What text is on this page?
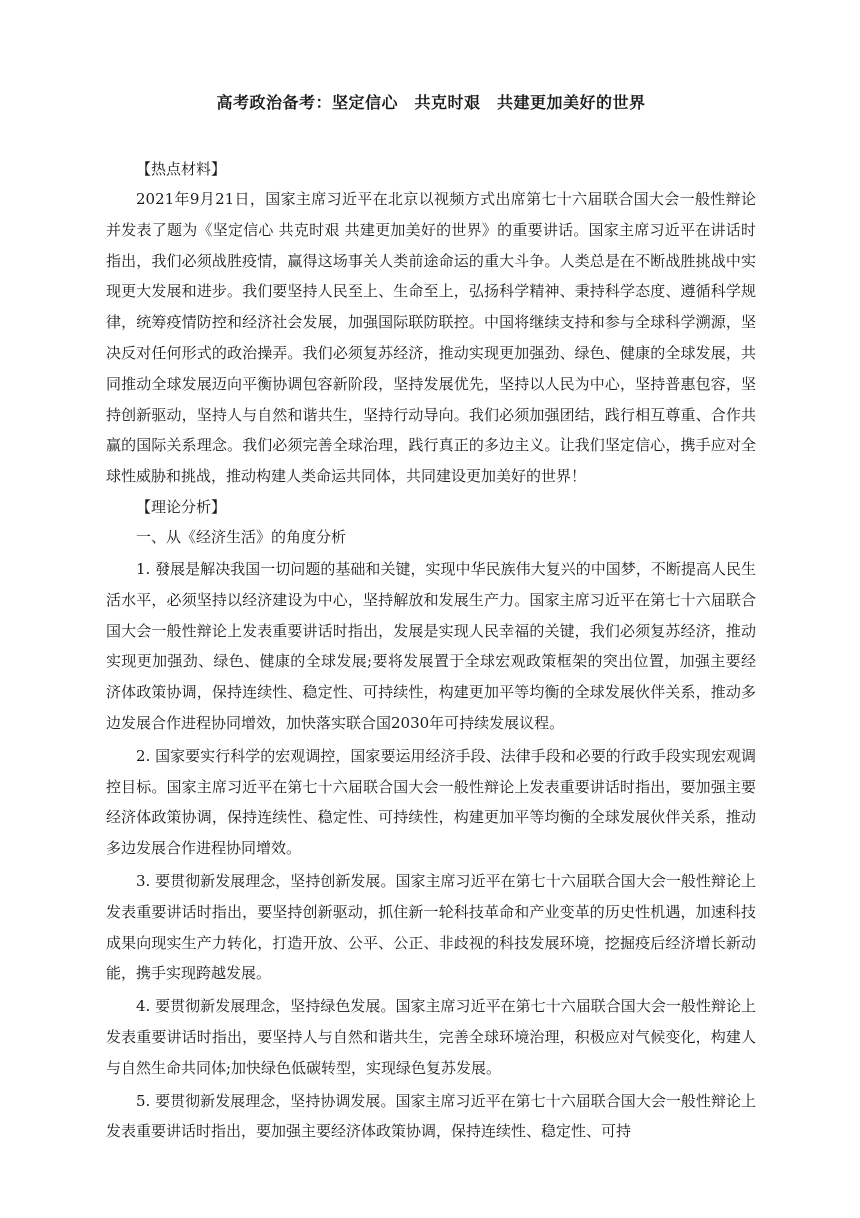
高考政治备考：坚定信心　共克时艰　共建更加美好的世界

【热点材料】

2021年9月21日，国家主席习近平在北京以视频方式出席第七十六届联合国大会一般性辩论并发表了题为《坚定信心 共克时艰 共建更加美好的世界》的重要讲话。国家主席习近平在讲话时指出，我们必须战胜疫情，赢得这场事关人类前途命运的重大斗争。人类总是在不断战胜挑战中实现更大发展和进步。我们要坚持人民至上、生命至上，弘扬科学精神、秉持科学态度、遵循科学规律，统筹疫情防控和经济社会发展，加强国际联防联控。中国将继续支持和参与全球科学溯源，坚决反对任何形式的政治操弄。我们必须复苏经济，推动实现更加强劲、绿色、健康的全球发展，共同推动全球发展迈向平衡协调包容新阶段，坚持发展优先，坚持以人民为中心，坚持普惠包容，坚持创新驱动，坚持人与自然和谐共生，坚持行动导向。我们必须加强团结，践行相互尊重、合作共赢的国际关系理念。我们必须完善全球治理，践行真正的多边主义。让我们坚定信心，携手应对全球性威胁和挑战，推动构建人类命运共同体，共同建设更加美好的世界！

【理论分析】

一、从《经济生活》的角度分析

1. 發展是解决我国一切问题的基础和关键，实现中华民族伟大复兴的中国梦，不断提高人民生活水平，必须坚持以经济建设为中心，坚持解放和发展生产力。国家主席习近平在第七十六届联合国大会一般性辩论上发表重要讲话时指出，发展是实现人民幸福的关键，我们必须复苏经济，推动实现更加强劲、绿色、健康的全球发展;要将发展置于全球宏观政策框架的突出位置，加强主要经济体政策协调，保持连续性、稳定性、可持续性，构建更加平等均衡的全球发展伙伴关系，推动多边发展合作进程协同增效，加快落实联合国2030年可持续发展议程。

2. 国家要实行科学的宏观调控，国家要运用经济手段、法律手段和必要的行政手段实现宏观调控目标。国家主席习近平在第七十六届联合国大会一般性辩论上发表重要讲话时指出，要加强主要经济体政策协调，保持连续性、稳定性、可持续性，构建更加平等均衡的全球发展伙伴关系，推动多边发展合作进程协同增效。

3. 要贯彻新发展理念，坚持创新发展。国家主席习近平在第七十六届联合国大会一般性辩论上发表重要讲话时指出，要坚持创新驱动，抓住新一轮科技革命和产业变革的历史性机遇，加速科技成果向现实生产力转化，打造开放、公平、公正、非歧视的科技发展环境，挖掘疫后经济增长新动能，携手实现跨越发展。

4. 要贯彻新发展理念，坚持绿色发展。国家主席习近平在第七十六届联合国大会一般性辩论上发表重要讲话时指出，要坚持人与自然和谐共生，完善全球环境治理，积极应对气候变化，构建人与自然生命共同体;加快绿色低碳转型，实现绿色复苏发展。

5. 要贯彻新发展理念，坚持协调发展。国家主席习近平在第七十六届联合国大会一般性辩论上发表重要讲话时指出，要加强主要经济体政策协调，保持连续性、稳定性、可持
